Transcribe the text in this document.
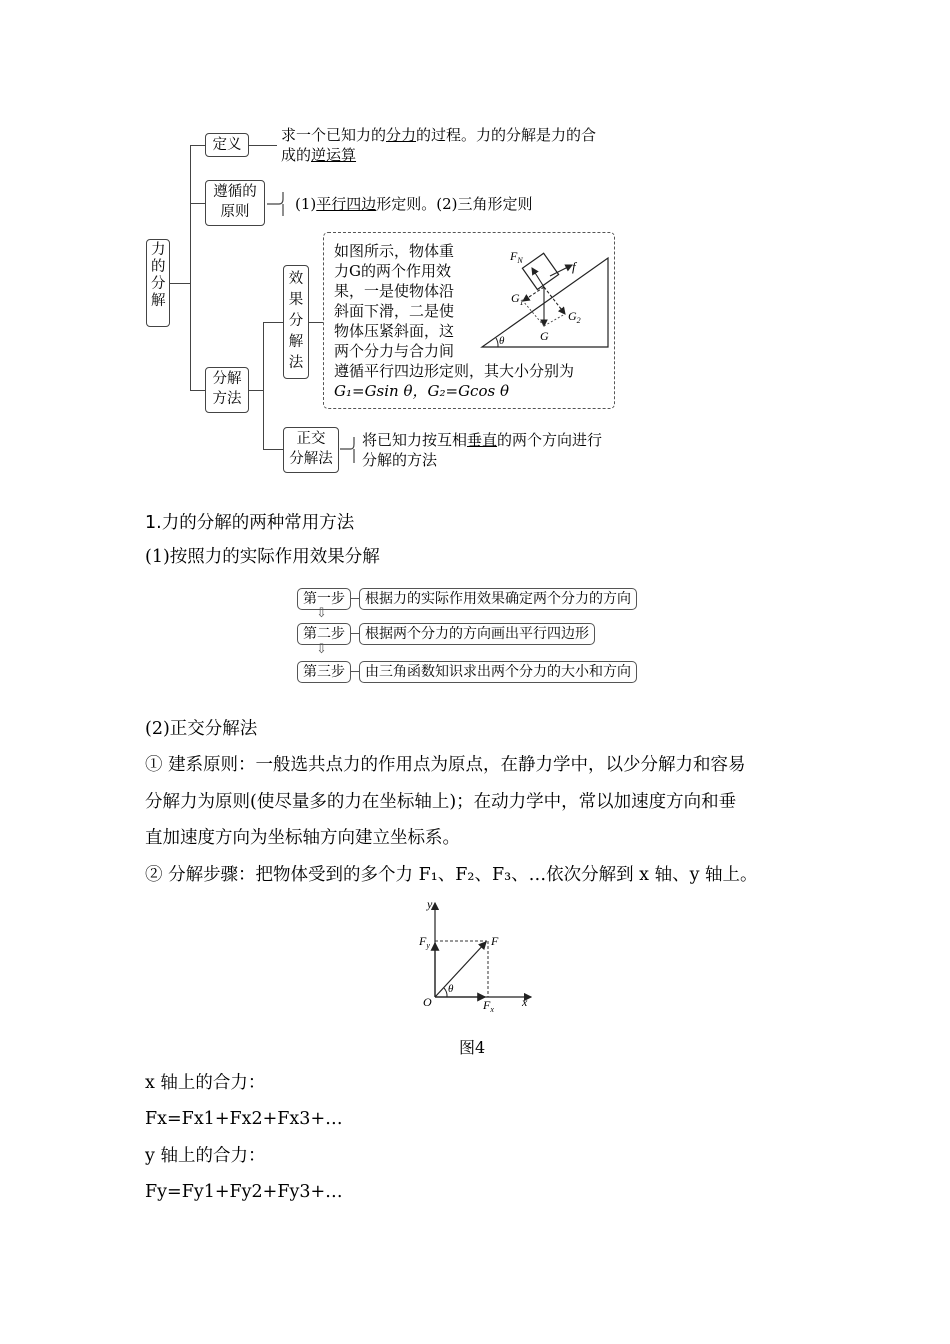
力的分解
定义
求一个已知力的分力的过程。力的分解是力的合
成的逆运算
遵循的
原则	(1)平行四边形定则。(2)三角形定则
分解
方法
效
果
分
解
法
如图所示，物体重
力G的两个作用效
果，一是使物体沿
斜面下滑，二是使
物体压紧斜面，这
两个分力与合力间
遵循平行四边形定则，其大小分别为
G₁=Gsin θ，G₂=Gcos θ
$F_N$	f
$G_1$
$G_2$
G
θ
正交
分解法
将已知力按互相垂直的两个方向进行
分解的方法
1.力的分解的两种常用方法
(1)按照力的实际作用效果分解
第一步	根据力的实际作用效果确定两个分力的方向
⇩
第二步	根据两个分力的方向画出平行四边形
⇩
第三步	由三角函数知识求出两个分力的大小和方向
(2)正交分解法
① 建系原则：一般选共点力的作用点为原点，在静力学中，以少分解力和容易
分解力为原则(使尽量多的力在坐标轴上)；在动力学中，常以加速度方向和垂
直加速度方向为坐标轴方向建立坐标系。
② 分解步骤：把物体受到的多个力 F₁、F₂、F₃、…依次分解到 x 轴、y 轴上。
y
x
O
F
$F_y$
$F_x$
θ
图4
x 轴上的合力：
Fx=Fx1+Fx2+Fx3+…
y 轴上的合力：
Fy=Fy1+Fy2+Fy3+…
